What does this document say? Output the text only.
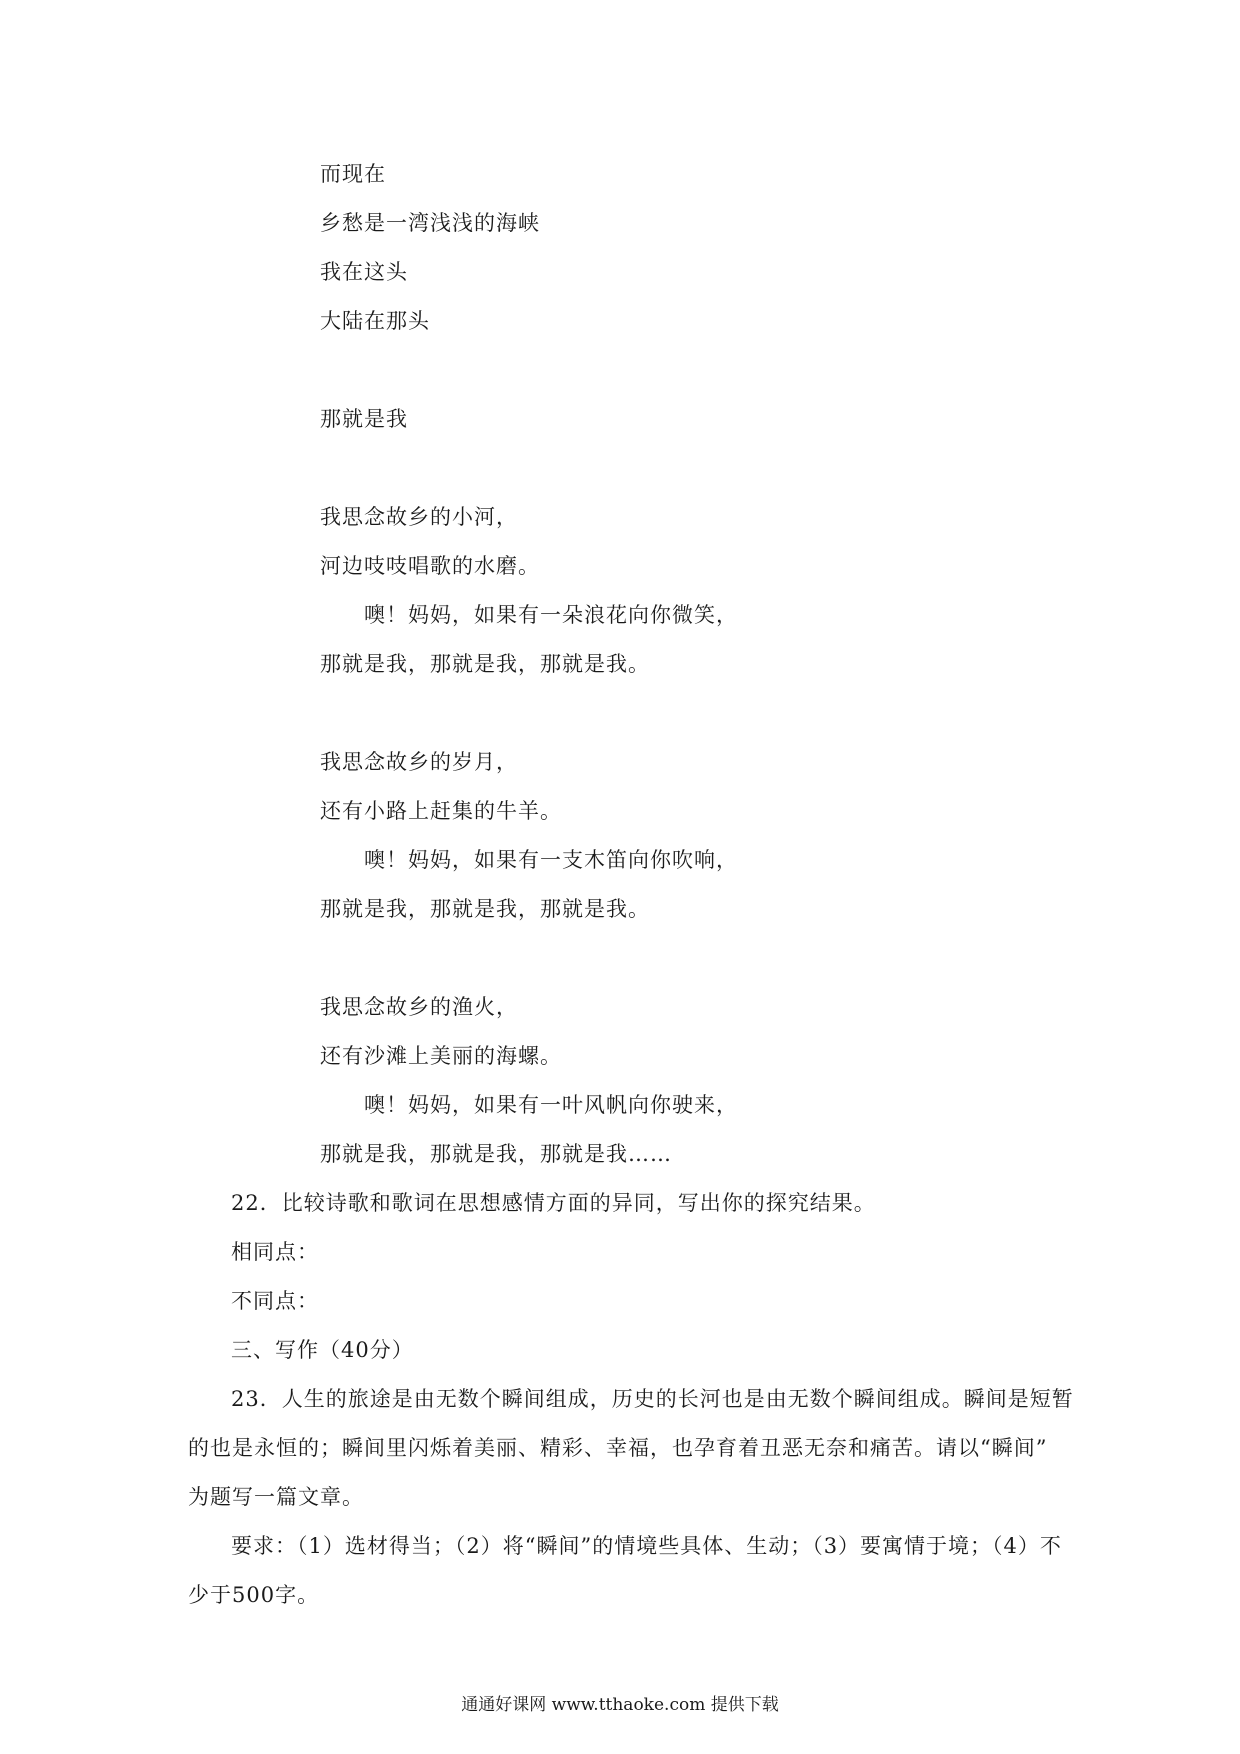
而现在
乡愁是一湾浅浅的海峡
我在这头
大陆在那头
那就是我
我思念故乡的小河，
河边吱吱唱歌的水磨。
噢！妈妈，如果有一朵浪花向你微笑，
那就是我，那就是我，那就是我。
我思念故乡的岁月，
还有小路上赶集的牛羊。
噢！妈妈，如果有一支木笛向你吹响，
那就是我，那就是我，那就是我。
我思念故乡的渔火，
还有沙滩上美丽的海螺。
噢！妈妈，如果有一叶风帆向你驶来，
那就是我，那就是我，那就是我……
22．比较诗歌和歌词在思想感情方面的异同，写出你的探究结果。
相同点：
不同点：
三、写作（40分）
23．人生的旅途是由无数个瞬间组成，历史的长河也是由无数个瞬间组成。瞬间是短暂
的也是永恒的；瞬间里闪烁着美丽、精彩、幸福，也孕育着丑恶无奈和痛苦。请以“瞬间”
为题写一篇文章。
要求：（1）选材得当；（2）将“瞬间”的情境些具体、生动；（3）要寓情于境；（4）不
少于500字。
通通好课网 www.tthaoke.com 提供下载
